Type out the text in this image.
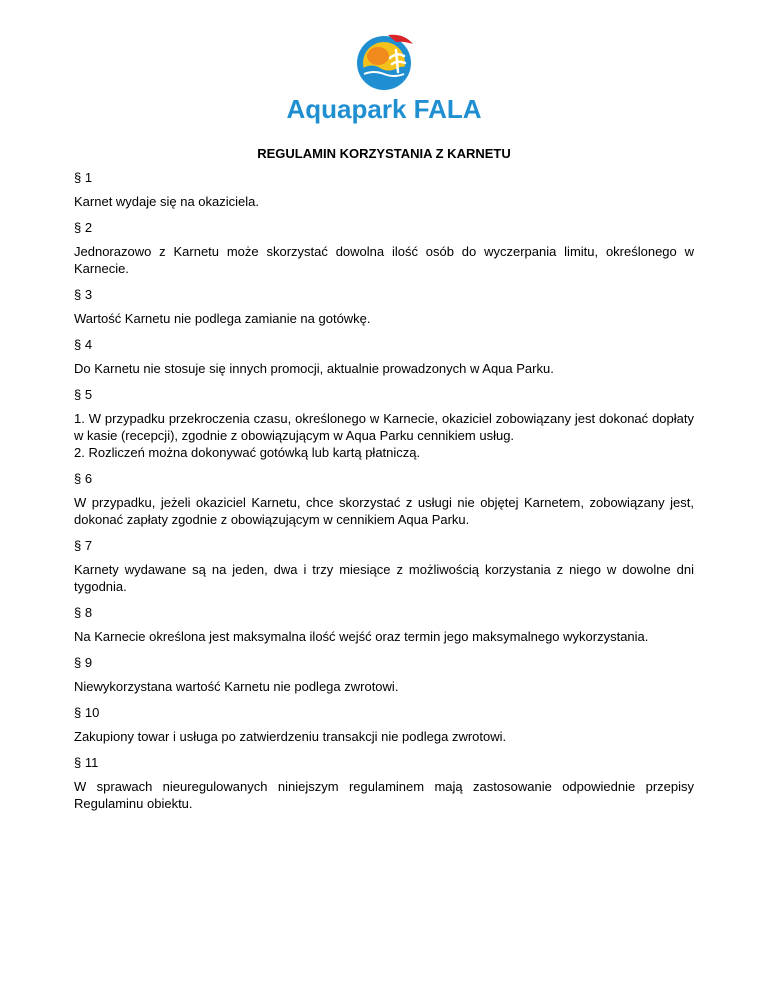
Aquapark FALA
REGULAMIN KORZYSTANIA Z KARNETU
§ 1
Karnet wydaje się na okaziciela.
§ 2
Jednorazowo z Karnetu może skorzystać dowolna ilość osób do wyczerpania limitu, określonego w Karnecie.
§ 3
Wartość Karnetu nie podlega zamianie na gotówkę.
§ 4
Do Karnetu nie stosuje się innych promocji, aktualnie prowadzonych w Aqua Parku.
§ 5
1. W przypadku przekroczenia czasu, określonego w Karnecie, okaziciel zobowiązany jest dokonać dopłaty w kasie (recepcji), zgodnie z obowiązującym w Aqua Parku cennikiem usług.
2. Rozliczeń można dokonywać gotówką lub kartą płatniczą.
§ 6
W przypadku, jeżeli okaziciel Karnetu, chce skorzystać z usługi nie objętej Karnetem, zobowiązany jest, dokonać zapłaty zgodnie z obowiązującym w cennikiem Aqua Parku.
§ 7
Karnety wydawane są na jeden, dwa i trzy miesiące z możliwością korzystania z niego w dowolne dni tygodnia.
§ 8
Na Karnecie określona jest maksymalna ilość wejść oraz termin jego maksymalnego wykorzystania.
§ 9
Niewykorzystana wartość Karnetu nie podlega zwrotowi.
§ 10
Zakupiony towar i usługa po zatwierdzeniu transakcji nie podlega zwrotowi.
§ 11
W sprawach nieuregulowanych niniejszym regulaminem mają zastosowanie odpowiednie przepisy Regulaminu obiektu.
